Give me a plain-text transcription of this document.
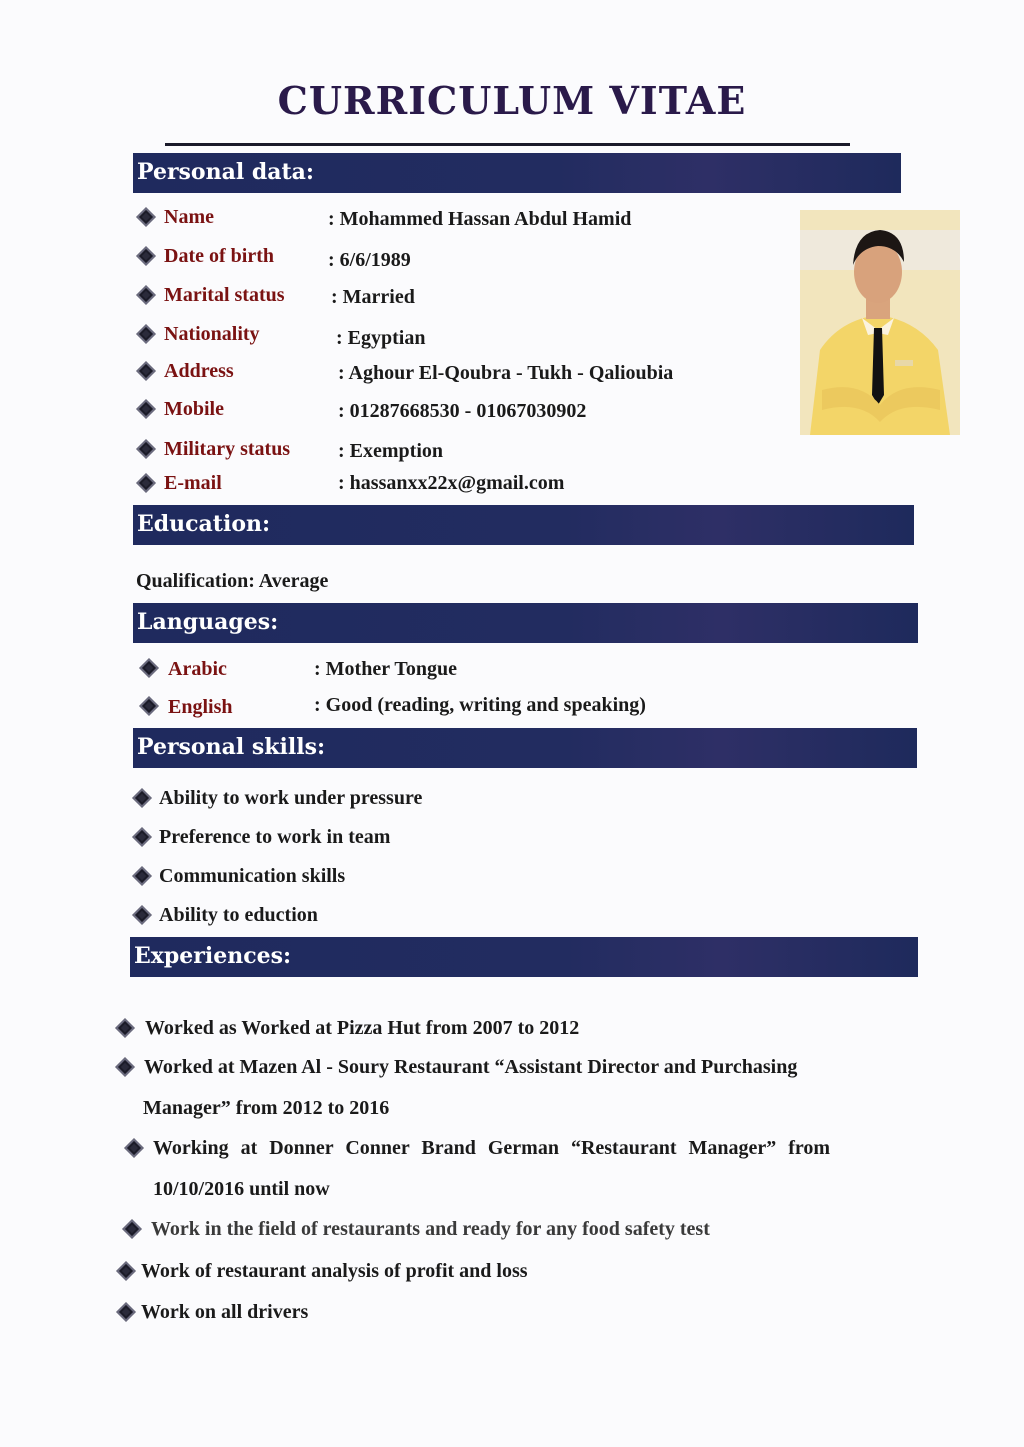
CURRICULUM VITAE
Personal data:
Name	: Mohammed Hassan Abdul Hamid
Date of birth	: 6/6/1989
Marital status : Married
Nationality	: Egyptian
Address	: Aghour El-Qoubra - Tukh - Qalioubia
Mobile	: 01287668530 - 01067030902
Military status : Exemption
E-mail	: hassanxx22x@gmail.com
Education:
Qualification: Average
Languages:
Arabic	: Mother Tongue
English	: Good (reading, writing and speaking)
Personal skills:
Ability to work under pressure
Preference to work in team
Communication skills
Ability to eduction
Experiences:
Worked as Worked at Pizza Hut from 2007 to 2012
Worked at Mazen Al - Soury Restaurant “Assistant Director and Purchasing
Manager” from 2012 to 2016
Working at Donner Conner Brand German “Restaurant Manager” from
10/10/2016 until now
Work in the field of restaurants and ready for any food safety test
Work of restaurant analysis of profit and loss
Work on all drivers
